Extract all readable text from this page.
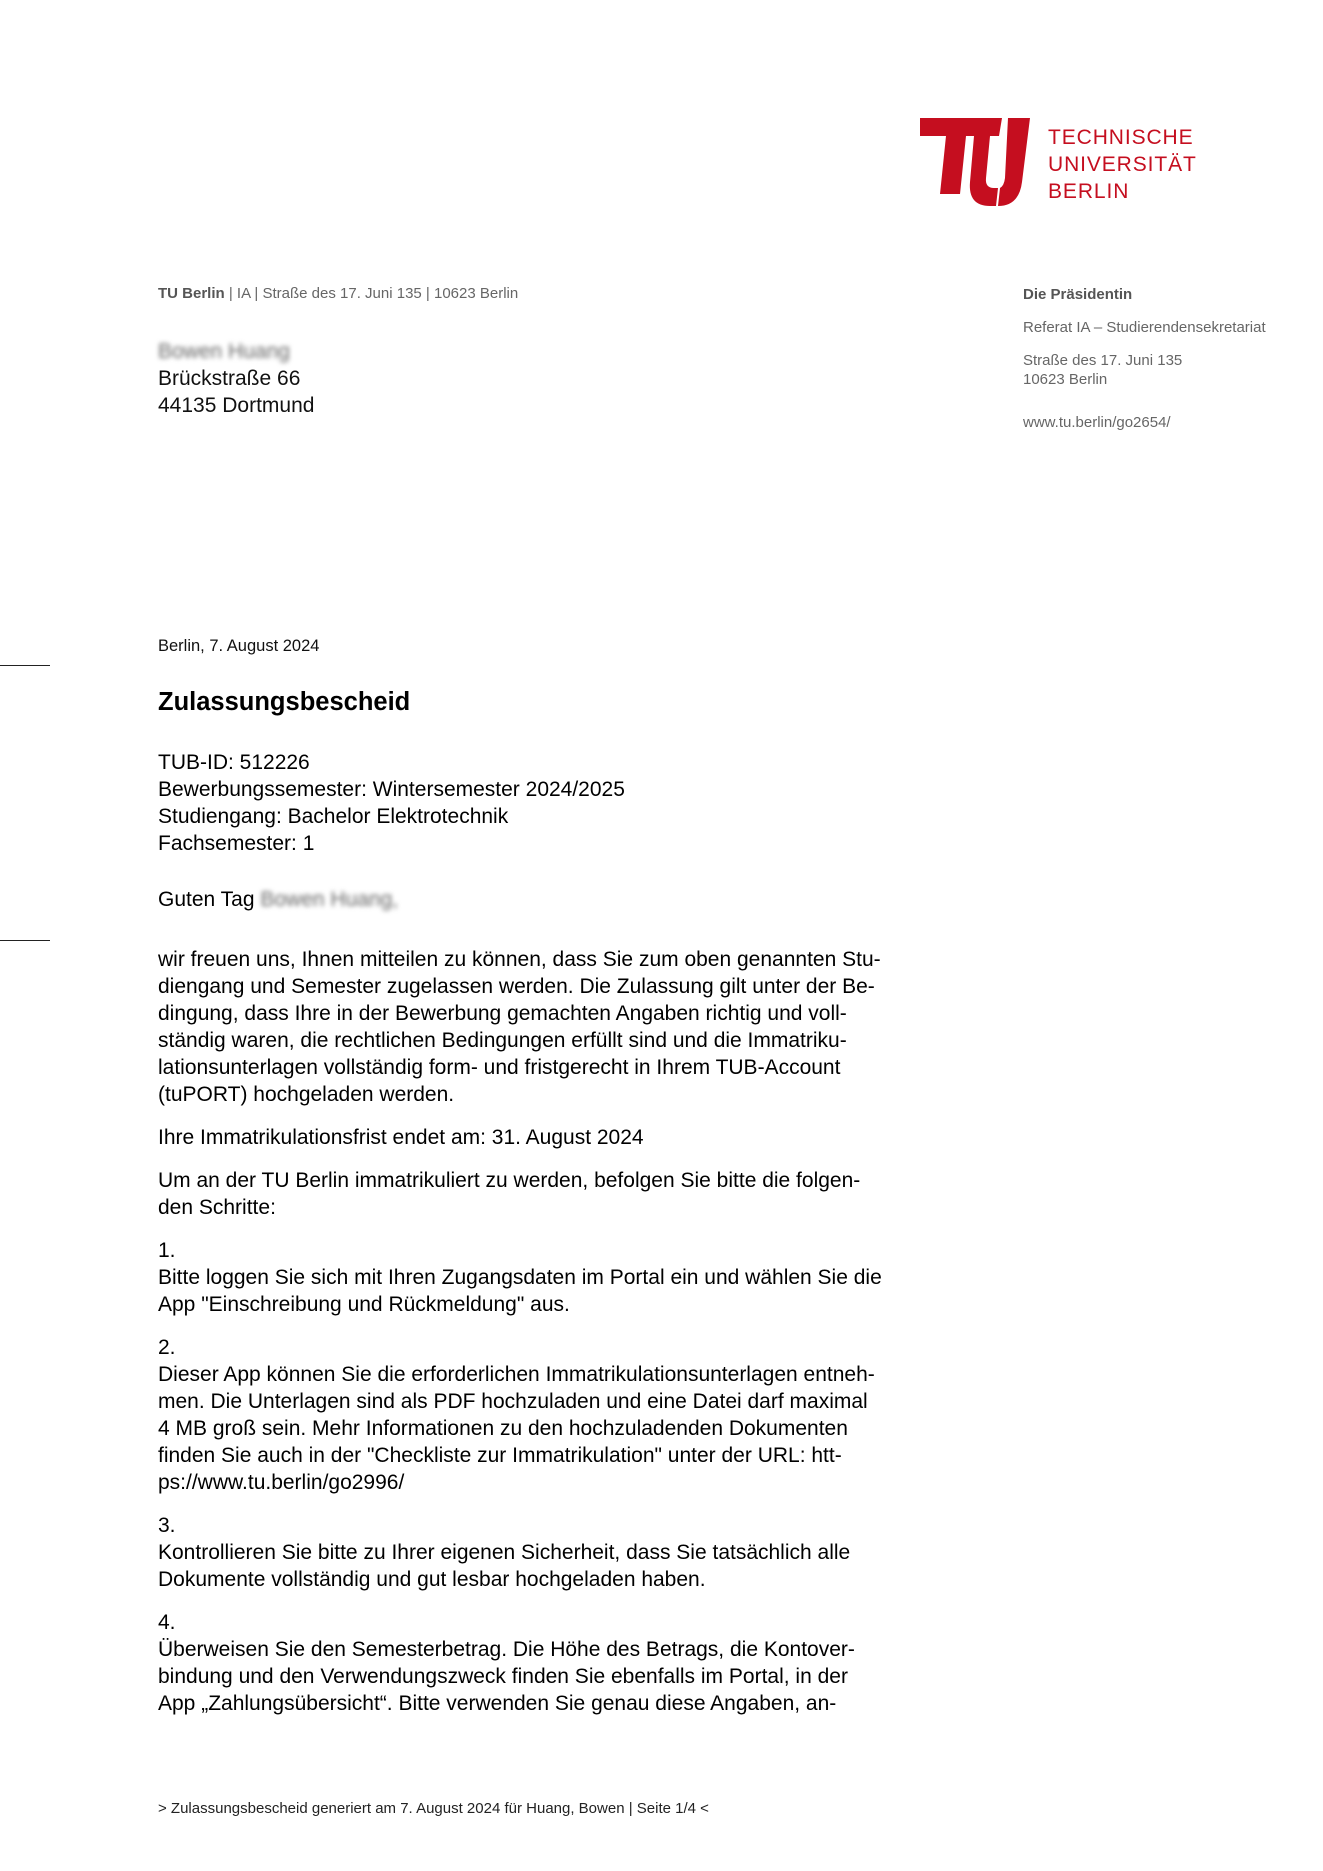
TECHNISCHE
UNIVERSITÄT
BERLIN
TU Berlin | IA | Straße des 17. Juni 135 | 10623 Berlin
Bowen Huang
Brückstraße 66
44135 Dortmund
Die Präsidentin
Referat IA – Studierendensekretariat
Straße des 17. Juni 135
10623 Berlin
www.tu.berlin/go2654/
Berlin, 7. August 2024
Zulassungsbescheid
TUB-ID: 512226
Bewerbungssemester: Wintersemester 2024/2025
Studiengang: Bachelor Elektrotechnik
Fachsemester: 1
Guten Tag Bowen Huang,

wir freuen uns, Ihnen mitteilen zu können, dass Sie zum oben genannten Stu-

diengang und Semester zugelassen werden. Die Zulassung gilt unter der Be-

dingung, dass Ihre in der Bewerbung gemachten Angaben richtig und voll-

ständig waren, die rechtlichen Bedingungen erfüllt sind und die Immatriku-

lationsunterlagen vollständig form- und fristgerecht in Ihrem TUB-Account

(tuPORT) hochgeladen werden.

Ihre Immatrikulationsfrist endet am: 31. August 2024

Um an der TU Berlin immatrikuliert zu werden, befolgen Sie bitte die folgen-

den Schritte:

1.

Bitte loggen Sie sich mit Ihren Zugangsdaten im Portal ein und wählen Sie die

App "Einschreibung und Rückmeldung" aus.

2.

Dieser App können Sie die erforderlichen Immatrikulationsunterlagen entneh-

men. Die Unterlagen sind als PDF hochzuladen und eine Datei darf maximal

4 MB groß sein. Mehr Informationen zu den hochzuladenden Dokumenten

finden Sie auch in der "Checkliste zur Immatrikulation" unter der URL: htt-

ps://www.tu.berlin/go2996/

3.

Kontrollieren Sie bitte zu Ihrer eigenen Sicherheit, dass Sie tatsächlich alle

Dokumente vollständig und gut lesbar hochgeladen haben.

4.

Überweisen Sie den Semesterbetrag. Die Höhe des Betrags, die Kontover-

bindung und den Verwendungszweck finden Sie ebenfalls im Portal, in der

App „Zahlungsübersicht“. Bitte verwenden Sie genau diese Angaben, an-

> Zulassungsbescheid generiert am 7. August 2024 für Huang, Bowen | Seite 1/4 <
